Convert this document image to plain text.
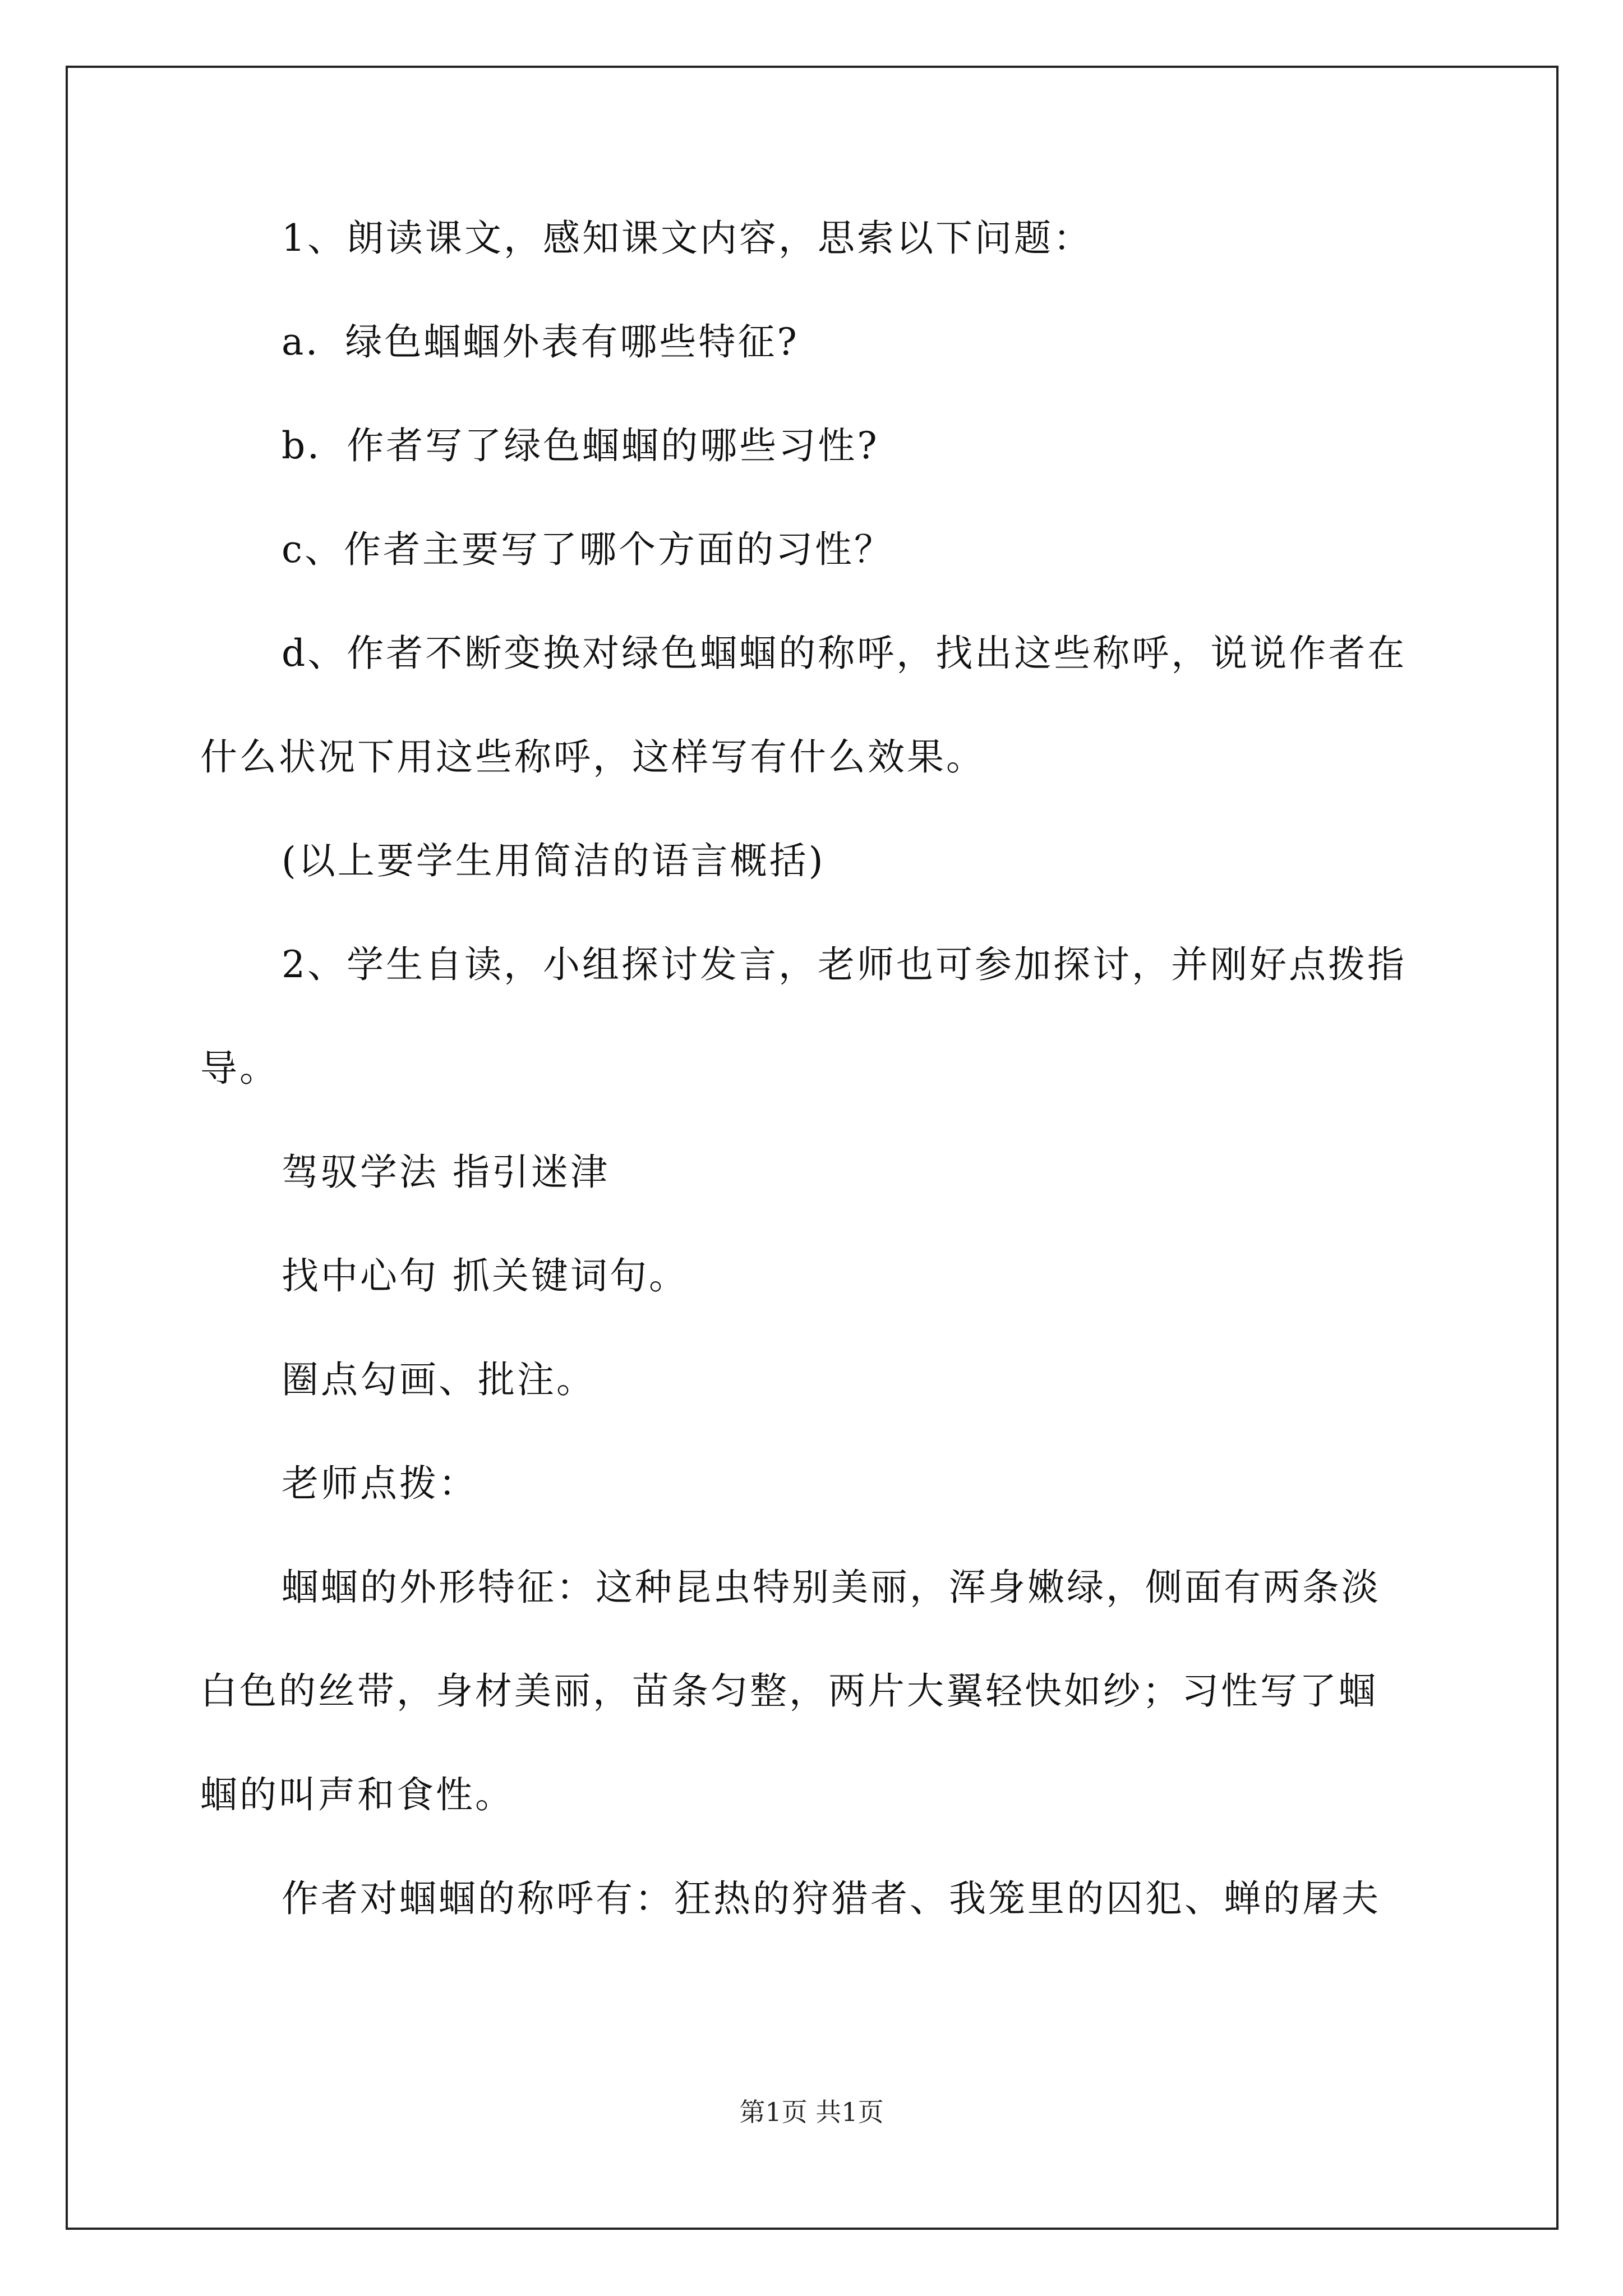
1、朗读课文，感知课文内容，思索以下问题：
a．绿色蝈蝈外表有哪些特征?
b．作者写了绿色蝈蝈的哪些习性?
c、作者主要写了哪个方面的习性？
d、作者不断变换对绿色蝈蝈的称呼，找出这些称呼，说说作者在
什么状况下用这些称呼，这样写有什么效果。
(以上要学生用简洁的语言概括)
2、学生自读，小组探讨发言，老师也可参加探讨，并刚好点拨指
导。
驾驭学法 指引迷津
找中心句 抓关键词句。
圈点勾画、批注。
老师点拨：
蝈蝈的外形特征：这种昆虫特别美丽，浑身嫩绿，侧面有两条淡
白色的丝带，身材美丽，苗条匀整，两片大翼轻快如纱；习性写了蝈
蝈的叫声和食性。
作者对蝈蝈的称呼有：狂热的狩猎者、我笼里的囚犯、蝉的屠夫
第1页 共1页
